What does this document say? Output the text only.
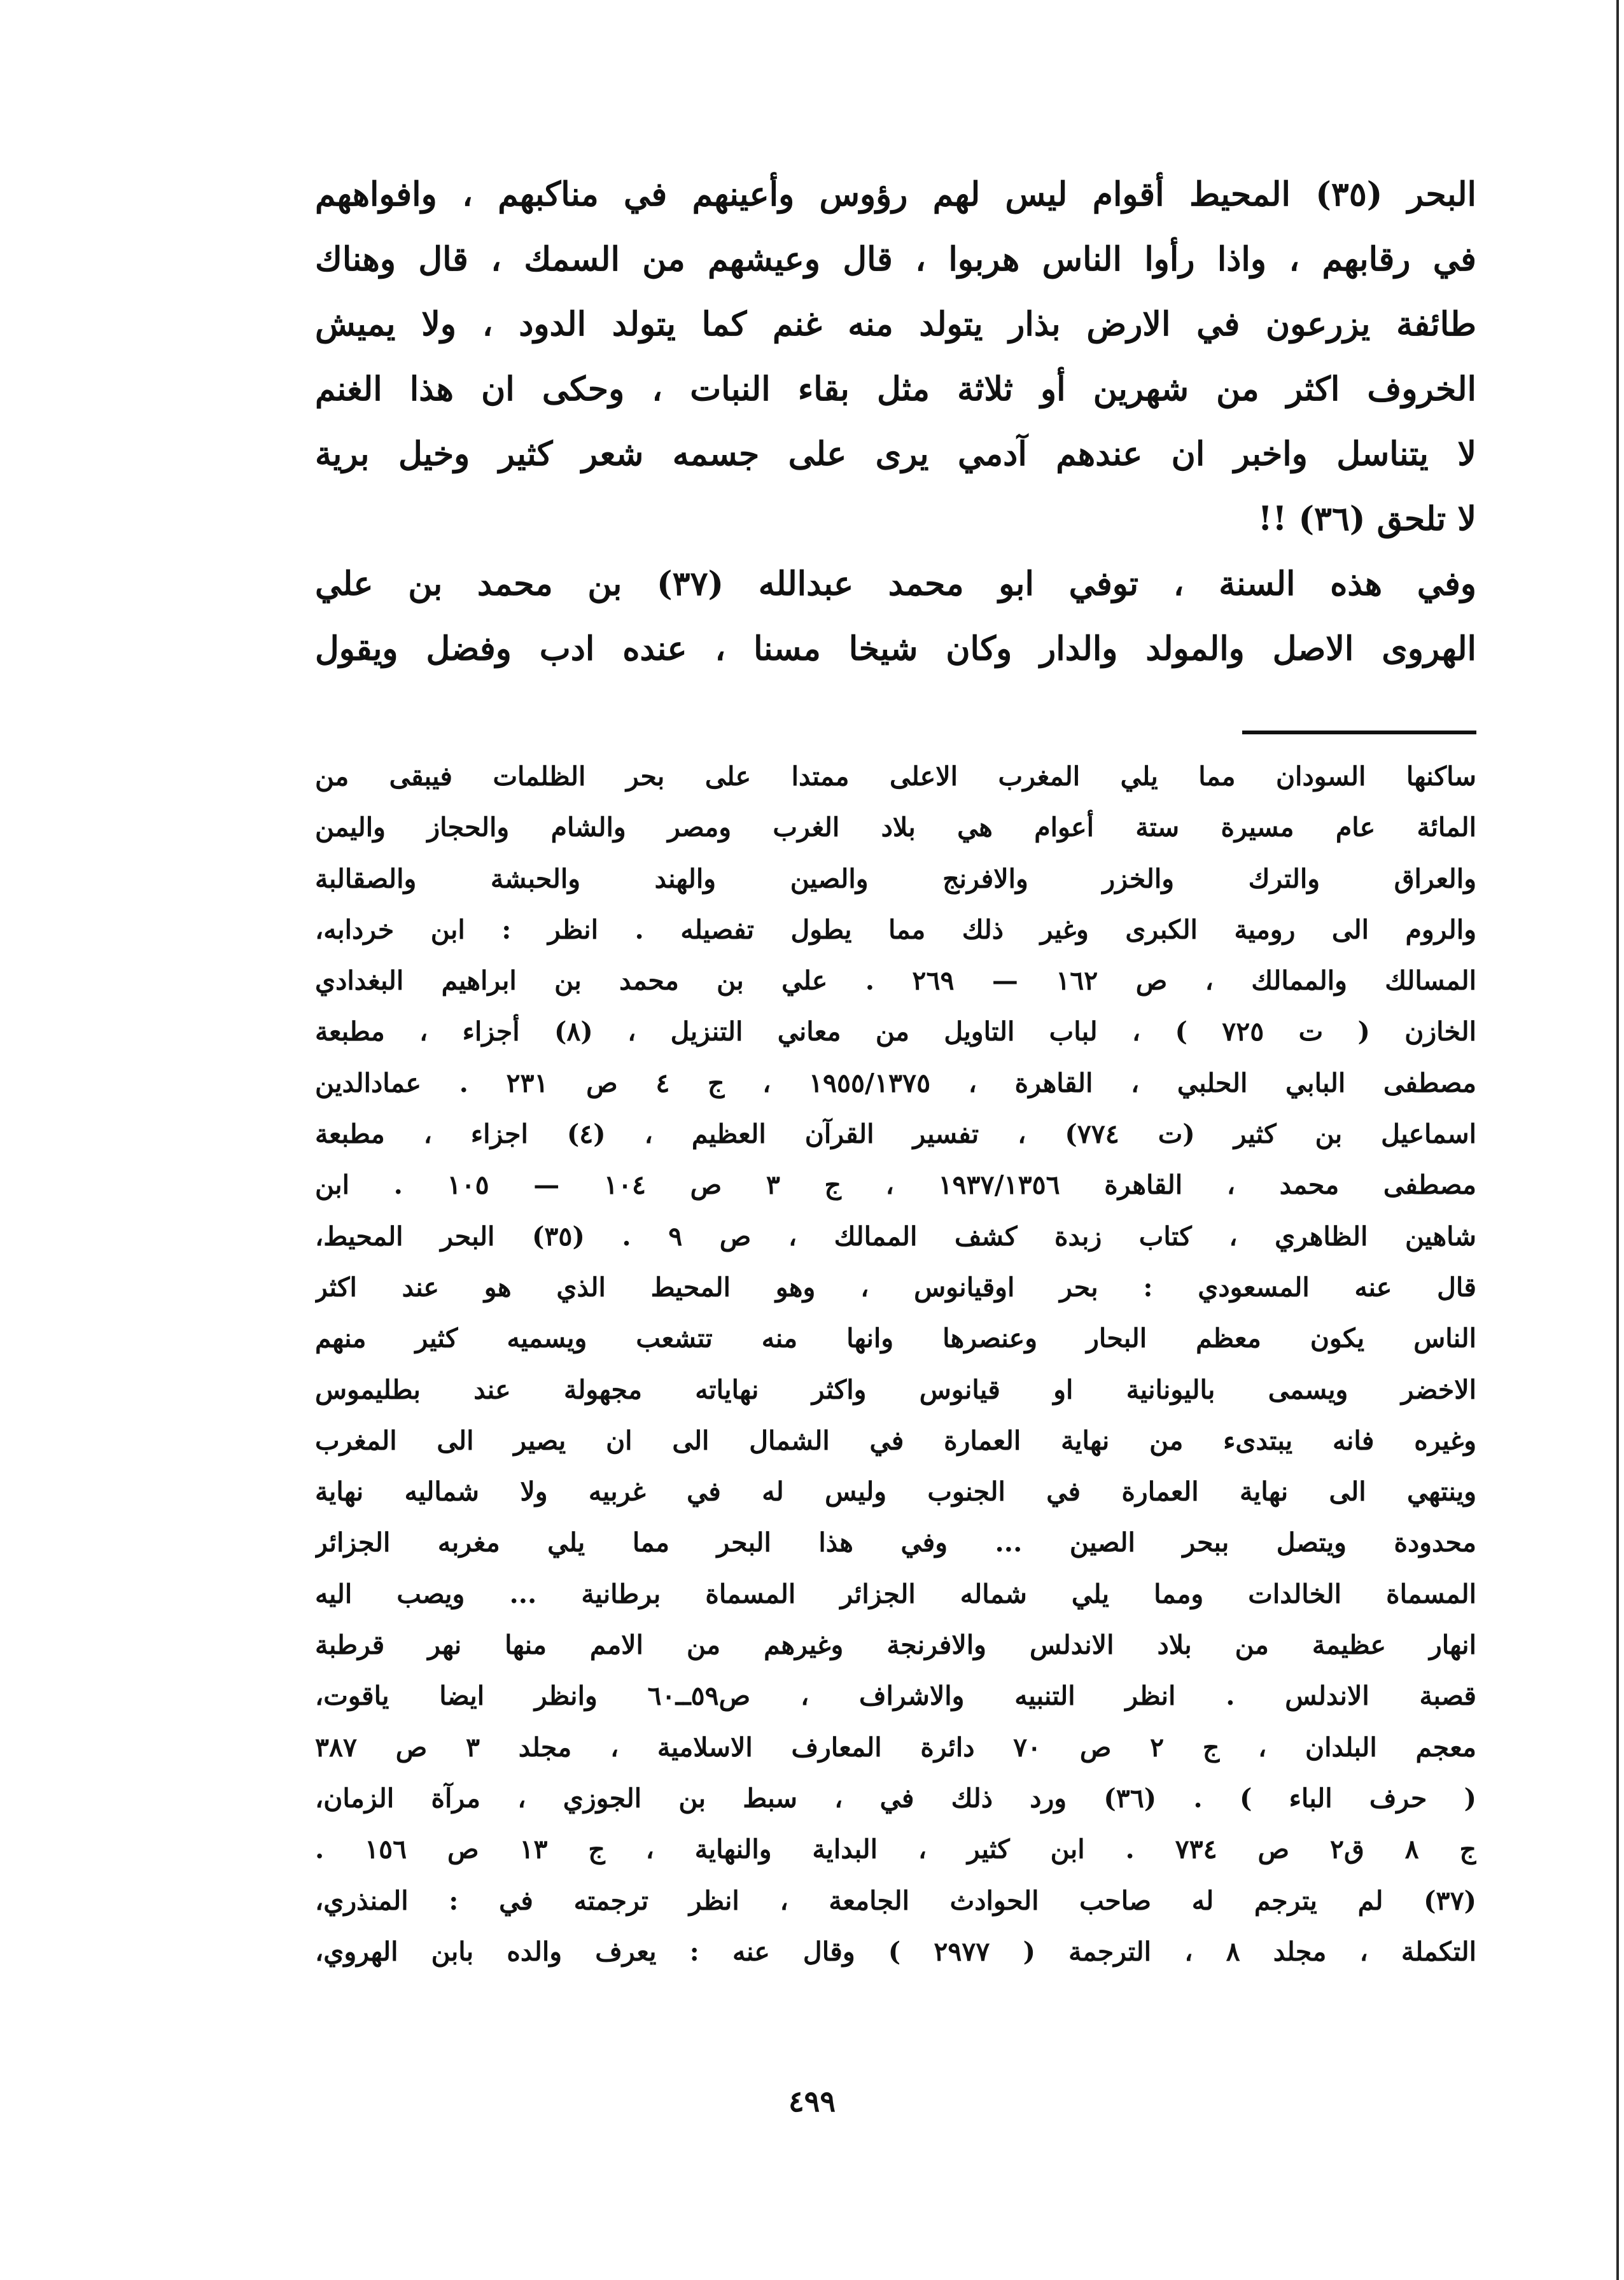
البحر (٣٥) المحيط أقوام ليس لهم رؤوس وأعينهم في مناكبهم ، وافواههم
في رقابهم ، واذا رأوا الناس هربوا ، قال وعيشهم من السمك ، قال وهناك
طائفة يزرعون في الارض بذار يتولد منه غنم كما يتولد الدود ، ولا يميش
الخروف اكثر من شهرين أو ثلاثة مثل بقاء النبات ، وحكى ان هذا الغنم
لا يتناسل واخبر ان عندهم آدمي يرى على جسمه شعر كثير وخيل برية
لا تلحق (٣٦) !!
وفي هذه السنة ، توفي ابو محمد عبدالله (٣٧) بن محمد بن علي
الهروى الاصل والمولد والدار وكان شيخا مسنا ، عنده ادب وفضل ويقول
ساكنها السودان مما يلي المغرب الاعلى ممتدا على بحر الظلمات فيبقى من
المائة عام مسيرة ستة أعوام هي بلاد الغرب ومصر والشام والحجاز واليمن
والعراق والترك والخزر والافرنج والصين والهند والحبشة والصقالبة
والروم الى رومية الكبرى وغير ذلك مما يطول تفصيله . انظر : ابن خردابه،
المسالك والممالك ، ص ١٦٢ — ٢٦٩ . علي بن محمد بن ابراهيم البغدادي
الخازن ( ت ٧٢٥ ) ، لباب التاويل من معاني التنزيل ، (٨) أجزاء ، مطبعة
مصطفى البابي الحلبي ، القاهرة ، ١٩٥٥/١٣٧٥ ، ج ٤ ص ٢٣١ . عمادالدين
اسماعيل بن كثير (ت ٧٧٤) ، تفسير القرآن العظيم ، (٤) اجزاء ، مطبعة
مصطفى محمد ، القاهرة ١٩٣٧/١٣٥٦ ، ج ٣ ص ١٠٤ — ١٠٥ . ابن
شاهين الظاهري ، كتاب زبدة كشف الممالك ، ص ٩ . (٣٥) البحر المحيط،
قال عنه المسعودي : بحر اوقيانوس ، وهو المحيط الذي هو عند اكثر
الناس يكون معظم البحار وعنصرها وانها منه تتشعب ويسميه كثير منهم
الاخضر ويسمى باليونانية او قيانوس واكثر نهاياته مجهولة عند بطليموس
وغيره فانه يبتدىء من نهاية العمارة في الشمال الى ان يصير الى المغرب
وينتهي الى نهاية العمارة في الجنوب وليس له في غربيه ولا شماليه نهاية
محدودة ويتصل ببحر الصين ... وفي هذا البحر مما يلي مغربه الجزائر
المسماة الخالدات ومما يلي شماله الجزائر المسماة برطانية ... ويصب اليه
انهار عظيمة من بلاد الاندلس والافرنجة وغيرهم من الامم منها نهر قرطبة
قصبة الاندلس . انظر التنبيه والاشراف ، ص٥٩ــ٦٠ وانظر ايضا ياقوت،
معجم البلدان ، ج ٢ ص ٧٠ دائرة المعارف الاسلامية ، مجلد ٣ ص ٣٨٧
( حرف الباء ) . (٣٦) ورد ذلك في ، سبط بن الجوزي ، مرآة الزمان،
ج ٨ ق٢ ص ٧٣٤ . ابن كثير ، البداية والنهاية ، ج ١٣ ص ١٥٦ .
(٣٧) لم يترجم له صاحب الحوادث الجامعة ، انظر ترجمته في : المنذري،
التكملة ، مجلد ٨ ، الترجمة ( ٢٩٧٧ ) وقال عنه : يعرف والده بابن الهروي،
٤٩٩
